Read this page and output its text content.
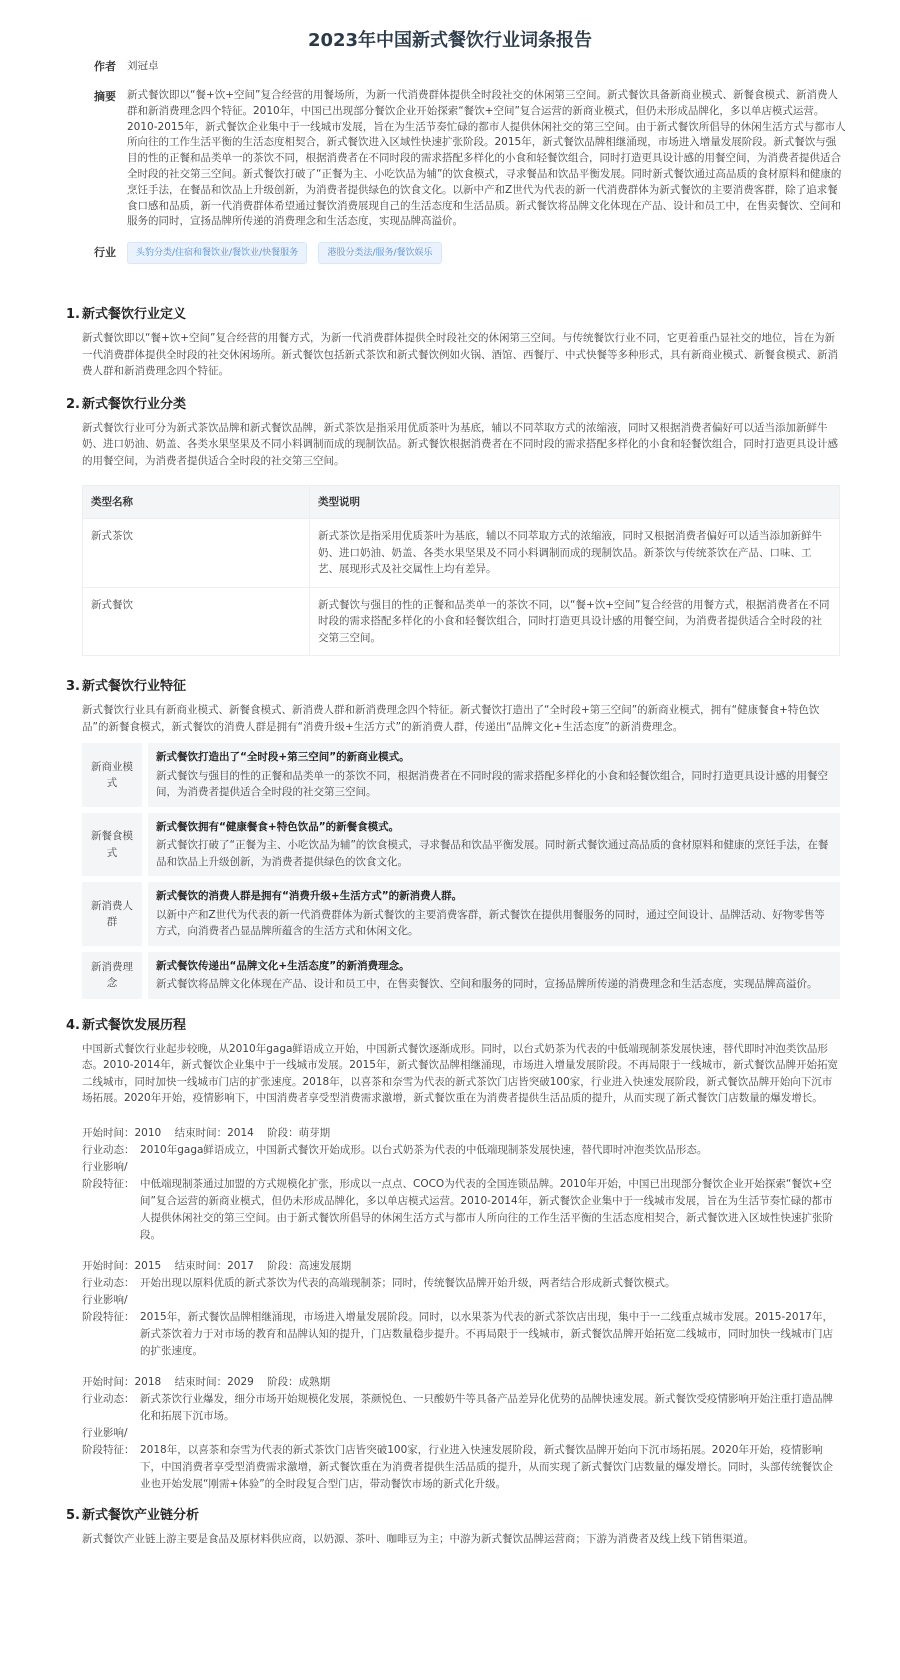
2023年中国新式餐饮行业词条报告
作者	刘冠卓
摘要	新式餐饮即以“餐+饮+空间”复合经营的用餐场所，为新一代消费群体提供全时段社交的休闲第三空间。新式餐饮具备新商业模式、新餐食模式、新消费人群和新消费理念四个特征。2010年，中国已出现部分餐饮企业开始探索“餐饮+空间”复合运营的新商业模式，但仍未形成品牌化，多以单店模式运营。2010-2015年，新式餐饮企业集中于一线城市发展，旨在为生活节奏忙碌的都市人提供休闲社交的第三空间。由于新式餐饮所倡导的休闲生活方式与都市人所向往的工作生活平衡的生活态度相契合，新式餐饮进入区域性快速扩张阶段。2015年，新式餐饮品牌相继涌现，市场进入增量发展阶段。新式餐饮与强目的性的正餐和品类单一的茶饮不同，根据消费者在不同时段的需求搭配多样化的小食和轻餐饮组合，同时打造更具设计感的用餐空间，为消费者提供适合全时段的社交第三空间。新式餐饮打破了“正餐为主、小吃饮品为辅”的饮食模式，寻求餐品和饮品平衡发展。同时新式餐饮通过高品质的食材原料和健康的烹饪手法，在餐品和饮品上升级创新，为消费者提供绿色的饮食文化。以新中产和Z世代为代表的新一代消费群体为新式餐饮的主要消费客群，除了追求餐食口感和品质，新一代消费群体希望通过餐饮消费展现自己的生活态度和生活品质。新式餐饮将品牌文化体现在产品、设计和员工中，在售卖餐饮、空间和服务的同时，宣扬品牌所传递的消费理念和生活态度，实现品牌高溢价。
行业	头豹分类/住宿和餐饮业/餐饮业/快餐服务	港股分类法/服务/餐饮娱乐
1. 新式餐饮行业定义
新式餐饮即以“餐+饮+空间”复合经营的用餐方式，为新一代消费群体提供全时段社交的休闲第三空间。与传统餐饮行业不同，它更着重凸显社交的地位，旨在为新一代消费群体提供全时段的社交休闲场所。新式餐饮包括新式茶饮和新式餐饮例如火锅、酒馆、西餐厅、中式快餐等多种形式，具有新商业模式、新餐食模式、新消费人群和新消费理念四个特征。
2. 新式餐饮行业分类
新式餐饮行业可分为新式茶饮品牌和新式餐饮品牌，新式茶饮是指采用优质茶叶为基底，辅以不同萃取方式的浓缩液，同时又根据消费者偏好可以适当添加新鲜牛奶、进口奶油、奶盖、各类水果坚果及不同小料调制而成的现制饮品。新式餐饮根据消费者在不同时段的需求搭配多样化的小食和轻餐饮组合，同时打造更具设计感的用餐空间，为消费者提供适合全时段的社交第三空间。
类型名称	类型说明
新式茶饮	新式茶饮是指采用优质茶叶为基底，辅以不同萃取方式的浓缩液，同时又根据消费者偏好可以适当添加新鲜牛奶、进口奶油、奶盖、各类水果坚果及不同小料调制而成的现制饮品。新茶饮与传统茶饮在产品、口味、工艺、展现形式及社交属性上均有差异。
新式餐饮	新式餐饮与强目的性的正餐和品类单一的茶饮不同，以“餐+饮+空间”复合经营的用餐方式，根据消费者在不同时段的需求搭配多样化的小食和轻餐饮组合，同时打造更具设计感的用餐空间，为消费者提供适合全时段的社交第三空间。
3. 新式餐饮行业特征
新式餐饮行业具有新商业模式、新餐食模式、新消费人群和新消费理念四个特征。新式餐饮打造出了“全时段+第三空间”的新商业模式，拥有“健康餐食+特色饮品”的新餐食模式，新式餐饮的消费人群是拥有“消费升级+生活方式”的新消费人群，传递出“品牌文化+生活态度”的新消费理念。
新商业模式
新式餐饮打造出了“全时段+第三空间”的新商业模式。
新式餐饮与强目的性的正餐和品类单一的茶饮不同，根据消费者在不同时段的需求搭配多样化的小食和轻餐饮组合，同时打造更具设计感的用餐空间，为消费者提供适合全时段的社交第三空间。
新餐食模式
新式餐饮拥有“健康餐食+特色饮品”的新餐食模式。
新式餐饮打破了“正餐为主、小吃饮品为辅”的饮食模式，寻求餐品和饮品平衡发展。同时新式餐饮通过高品质的食材原料和健康的烹饪手法，在餐品和饮品上升级创新，为消费者提供绿色的饮食文化。
新消费人群
新式餐饮的消费人群是拥有“消费升级+生活方式”的新消费人群。
以新中产和Z世代为代表的新一代消费群体为新式餐饮的主要消费客群，新式餐饮在提供用餐服务的同时，通过空间设计、品牌活动、好物零售等方式，向消费者凸显品牌所蕴含的生活方式和休闲文化。
新消费理念
新式餐饮传递出“品牌文化+生活态度”的新消费理念。
新式餐饮将品牌文化体现在产品、设计和员工中，在售卖餐饮、空间和服务的同时，宣扬品牌所传递的消费理念和生活态度，实现品牌高溢价。
4. 新式餐饮发展历程
中国新式餐饮行业起步较晚，从2010年gaga鲜语成立开始，中国新式餐饮逐渐成形。同时，以台式奶茶为代表的中低端现制茶发展快速，替代即时冲泡类饮品形态。2010-2014年，新式餐饮企业集中于一线城市发展。2015年，新式餐饮品牌相继涌现，市场进入增量发展阶段。不再局限于一线城市，新式餐饮品牌开始拓宽二线城市，同时加快一线城市门店的扩张速度。2018年，以喜茶和奈雪为代表的新式茶饮门店皆突破100家，行业进入快速发展阶段，新式餐饮品牌开始向下沉市场拓展。2020年开始，疫情影响下，中国消费者享受型消费需求激增，新式餐饮重在为消费者提供生活品质的提升，从而实现了新式餐饮门店数量的爆发增长。
开始时间：2010 结束时间：2014 阶段：萌芽期
行业动态： 2010年gaga鲜语成立，中国新式餐饮开始成形。以台式奶茶为代表的中低端现制茶发展快速，替代即时冲泡类饮品形态。
行业影响/
阶段特征： 中低端现制茶通过加盟的方式规模化扩张，形成以一点点、COCO为代表的全国连锁品牌。2010年开始，中国已出现部分餐饮企业开始探索“餐饮+空间”复合运营的新商业模式，但仍未形成品牌化，多以单店模式运营。2010-2014年，新式餐饮企业集中于一线城市发展，旨在为生活节奏忙碌的都市人提供休闲社交的第三空间。由于新式餐饮所倡导的休闲生活方式与都市人所向往的工作生活平衡的生活态度相契合，新式餐饮进入区域性快速扩张阶段。
开始时间：2015 结束时间：2017 阶段：高速发展期
行业动态： 开始出现以原料优质的新式茶饮为代表的高端现制茶；同时，传统餐饮品牌开始升级，两者结合形成新式餐饮模式。
行业影响/
阶段特征： 2015年，新式餐饮品牌相继涌现，市场进入增量发展阶段。同时，以水果茶为代表的新式茶饮店出现，集中于一二线重点城市发展。2015-2017年，新式茶饮着力于对市场的教育和品牌认知的提升，门店数量稳步提升。不再局限于一线城市，新式餐饮品牌开始拓宽二线城市，同时加快一线城市门店的扩张速度。
开始时间：2018 结束时间：2029 阶段：成熟期
行业动态： 新式茶饮行业爆发，细分市场开始规模化发展，茶颜悦色、一只酸奶牛等具备产品差异化优势的品牌快速发展。新式餐饮受疫情影响开始注重打造品牌化和拓展下沉市场。
行业影响/
阶段特征： 2018年，以喜茶和奈雪为代表的新式茶饮门店皆突破100家，行业进入快速发展阶段，新式餐饮品牌开始向下沉市场拓展。2020年开始，疫情影响下，中国消费者享受型消费需求激增，新式餐饮重在为消费者提供生活品质的提升，从而实现了新式餐饮门店数量的爆发增长。同时，头部传统餐饮企业也开始发展“刚需+体验”的全时段复合型门店，带动餐饮市场的新式化升级。
5. 新式餐饮产业链分析
新式餐饮产业链上游主要是食品及原材料供应商，以奶源、茶叶、咖啡豆为主；中游为新式餐饮品牌运营商；下游为消费者及线上线下销售渠道。
